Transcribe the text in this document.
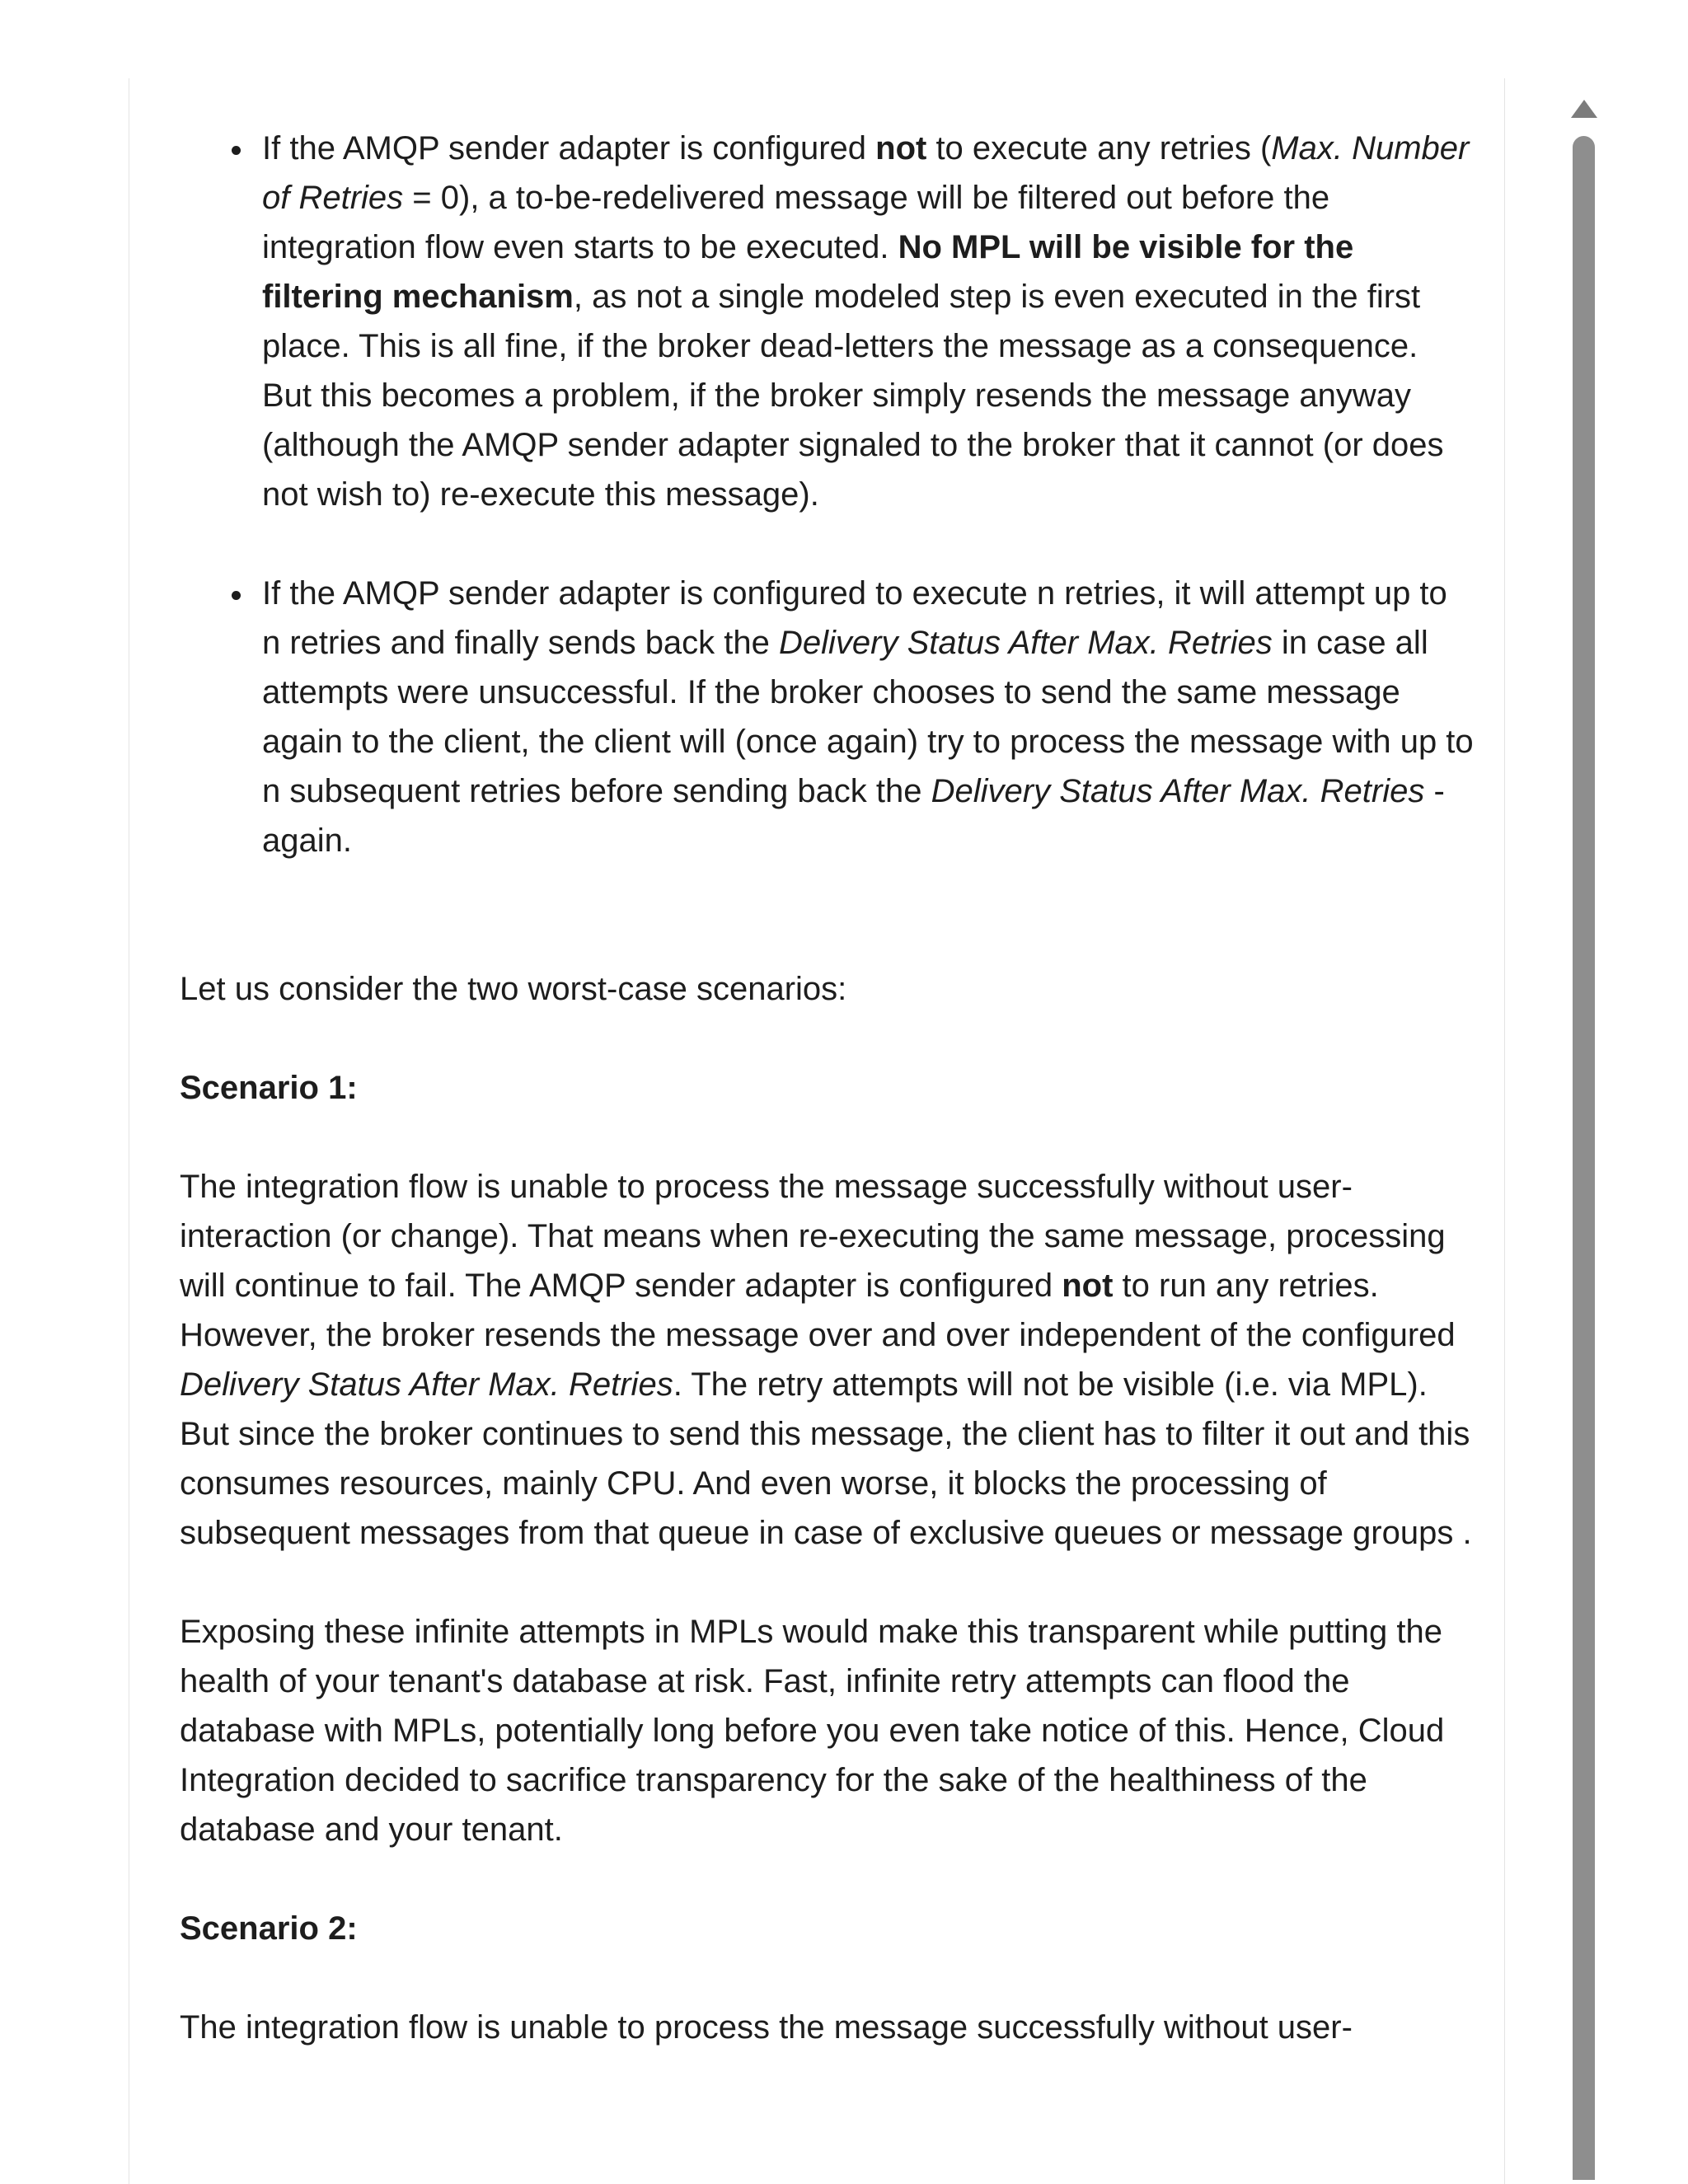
If the AMQP sender adapter is configured not to execute any retries (Max. Number of Retries = 0), a to-be-redelivered message will be filtered out before the integration flow even starts to be executed. No MPL will be visible for the filtering mechanism, as not a single modeled step is even executed in the first place. This is all fine, if the broker dead-letters the message as a consequence. But this becomes a problem, if the broker simply resends the message anyway (although the AMQP sender adapter signaled to the broker that it cannot (or does not wish to) re-execute this message).
If the AMQP sender adapter is configured to execute n retries, it will attempt up to n retries and finally sends back the Delivery Status After Max. Retries in case all attempts were unsuccessful. If the broker chooses to send the same message again to the client, the client will (once again) try to process the message with up to n subsequent retries before sending back the Delivery Status After Max. Retries - again.

Let us consider the two worst-case scenarios:

Scenario 1:

The integration flow is unable to process the message successfully without user-interaction (or change). That means when re-executing the same message, processing will continue to fail. The AMQP sender adapter is configured not to run any retries. However, the broker resends the message over and over independent of the configured Delivery Status After Max. Retries. The retry attempts will not be visible (i.e. via MPL). But since the broker continues to send this message, the client has to filter it out and this consumes resources, mainly CPU. And even worse, it blocks the processing of subsequent messages from that queue in case of exclusive queues or message groups .

Exposing these infinite attempts in MPLs would make this transparent while putting the health of your tenant's database at risk. Fast, infinite retry attempts can flood the database with MPLs, potentially long before you even take notice of this. Hence, Cloud Integration decided to sacrifice transparency for the sake of the healthiness of the database and your tenant.

Scenario 2:

The integration flow is unable to process the message successfully without user-
